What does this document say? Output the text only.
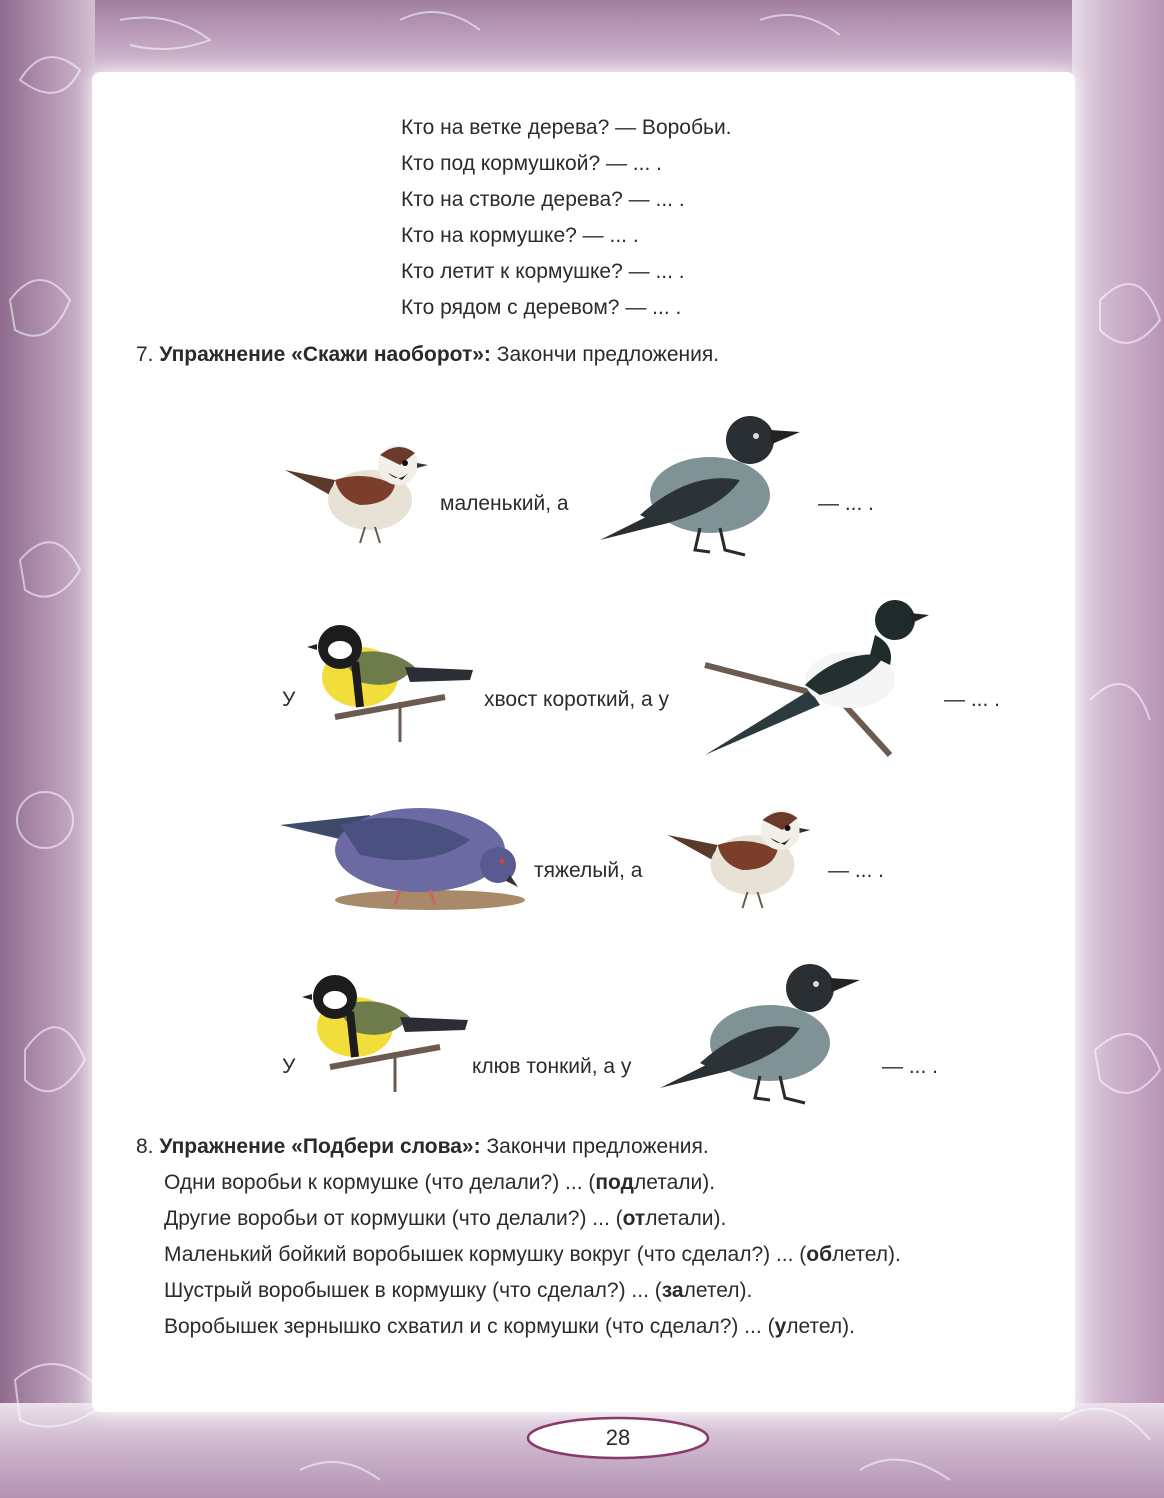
Кто на ветке дерева? — Воробьи.
Кто под кормушкой? — ... .
Кто на стволе дерева? — ... .
Кто на кормушке? — ... .
Кто летит к кормушке? — ... .
Кто рядом с деревом? — ... .
7. Упражнение «Скажи наоборот»: Закончи предложения.
маленький, а	— ... .
У	хвост короткий, а у	— ... .
тяжелый, а	— ... .
У	клюв тонкий, а у	— ... .
8. Упражнение «Подбери слова»: Закончи предложения.
Одни воробьи к кормушке (что делали?) ... (подлетали).
Другие воробьи от кормушки (что делали?) ... (отлетали).
Маленький бойкий воробышек кормушку вокруг (что сделал?) ... (облетел).
Шустрый воробышек в кормушку (что сделал?) ... (залетел).
Воробышек зернышко схватил и с кормушки (что сделал?) ... (улетел).
28
